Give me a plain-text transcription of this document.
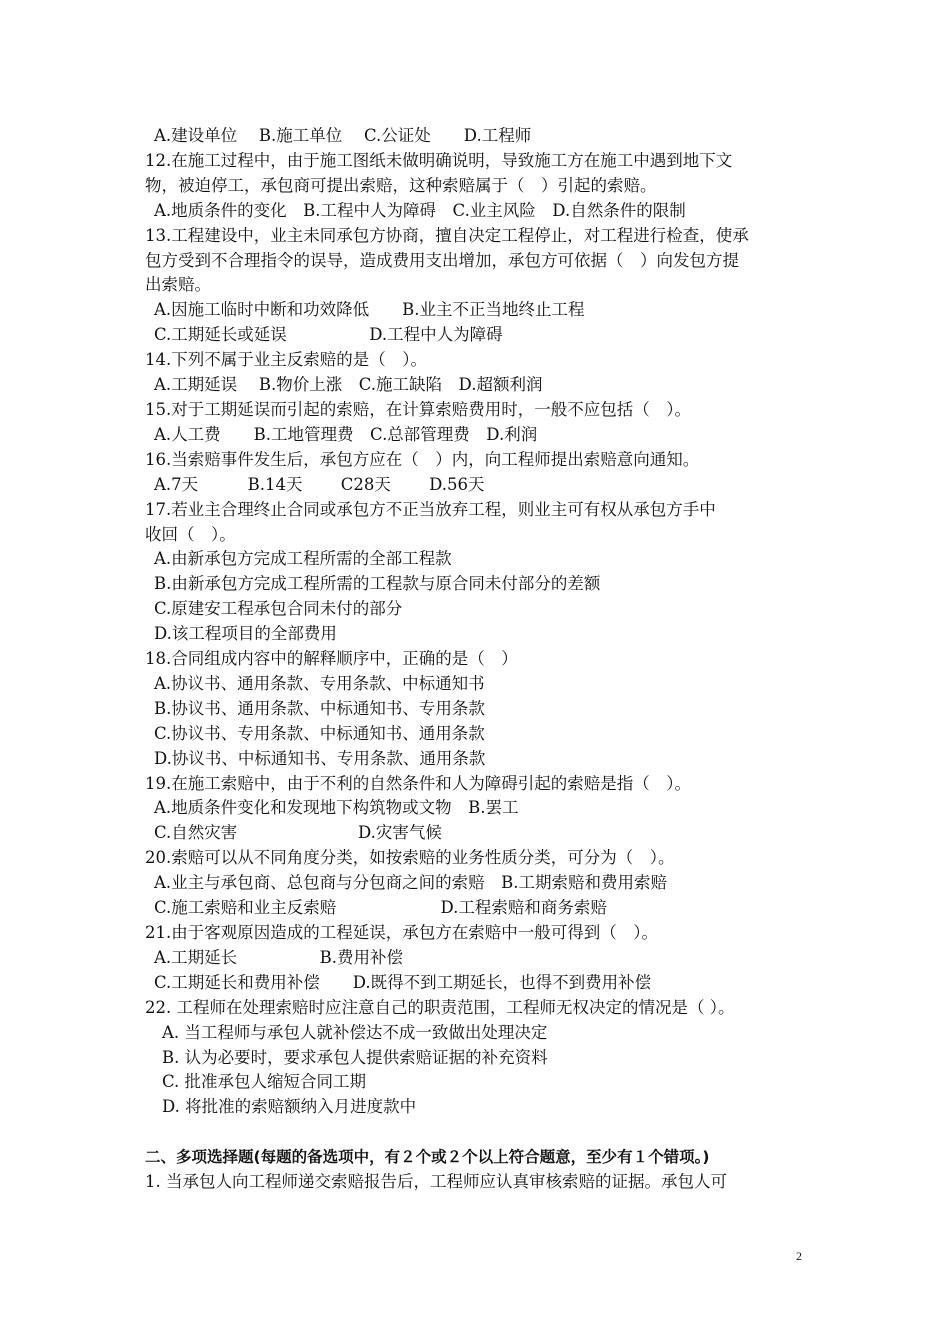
A.建设单位　 B.施工单位　 C.公证处　　D.工程师
12.在施工过程中，由于施工图纸未做明确说明，导致施工方在施工中遇到地下文
物，被迫停工，承包商可提出索赔，这种索赔属于（　）引起的索赔。
A.地质条件的变化　B.工程中人为障碍　C.业主风险　D.自然条件的限制
13.工程建设中，业主未同承包方协商，擅自决定工程停止，对工程进行检查，使承
包方受到不合理指令的误导，造成费用支出增加，承包方可依据（　）向发包方提
出索赔。
A.因施工临时中断和功效降低　　B.业主不正当地终止工程
C.工期延长或延误　　　　　D.工程中人为障碍
14.下列不属于业主反索赔的是（　）。
A.工期延误　 B.物价上涨　C.施工缺陷　D.超额利润
15.对于工期延误而引起的索赔，在计算索赔费用时，一般不应包括（　）。
A.人工费　　B.工地管理费　C.总部管理费　D.利润
16.当索赔事件发生后，承包方应在（　）内，向工程师提出索赔意向通知。
A.7天　　　B.14天　　 C28天　　 D.56天
17.若业主合理终止合同或承包方不正当放弃工程，则业主可有权从承包方手中
收回（　）。
A.由新承包方完成工程所需的全部工程款
B.由新承包方完成工程所需的工程款与原合同未付部分的差额
C.原建安工程承包合同未付的部分
D.该工程项目的全部费用
18.合同组成内容中的解释顺序中，正确的是（　）
A.协议书、通用条款、专用条款、中标通知书
B.协议书、通用条款、中标通知书、专用条款
C.协议书、专用条款、中标通知书、通用条款
D.协议书、中标通知书、专用条款、通用条款
19.在施工索赔中，由于不利的自然条件和人为障碍引起的索赔是指（　）。
A.地质条件变化和发现地下构筑物或文物　B.罢工
C.自然灾害　　　　　　　 D.灾害气候
20.索赔可以从不同角度分类，如按索赔的业务性质分类，可分为（　）。
A.业主与承包商、总包商与分包商之间的索赔　B.工期索赔和费用索赔
C.施工索赔和业主反索赔　　　　　　 D.工程索赔和商务索赔
21.由于客观原因造成的工程延误，承包方在索赔中一般可得到（　）。
A.工期延长　　　　　B.费用补偿
C.工期延长和费用补偿　　D.既得不到工期延长，也得不到费用补偿
22. 工程师在处理索赔时应注意自己的职责范围，工程师无权决定的情况是（ ）。
A. 当工程师与承包人就补偿达不成一致做出处理决定
B. 认为必要时，要求承包人提供索赔证据的补充资料
C. 批准承包人缩短合同工期
D. 将批准的索赔额纳入月进度款中
二、多项选择题(每题的备选项中，有２个或２个以上符合题意，至少有１个错项。)
1. 当承包人向工程师递交索赔报告后，工程师应认真审核索赔的证据。承包人可
2
